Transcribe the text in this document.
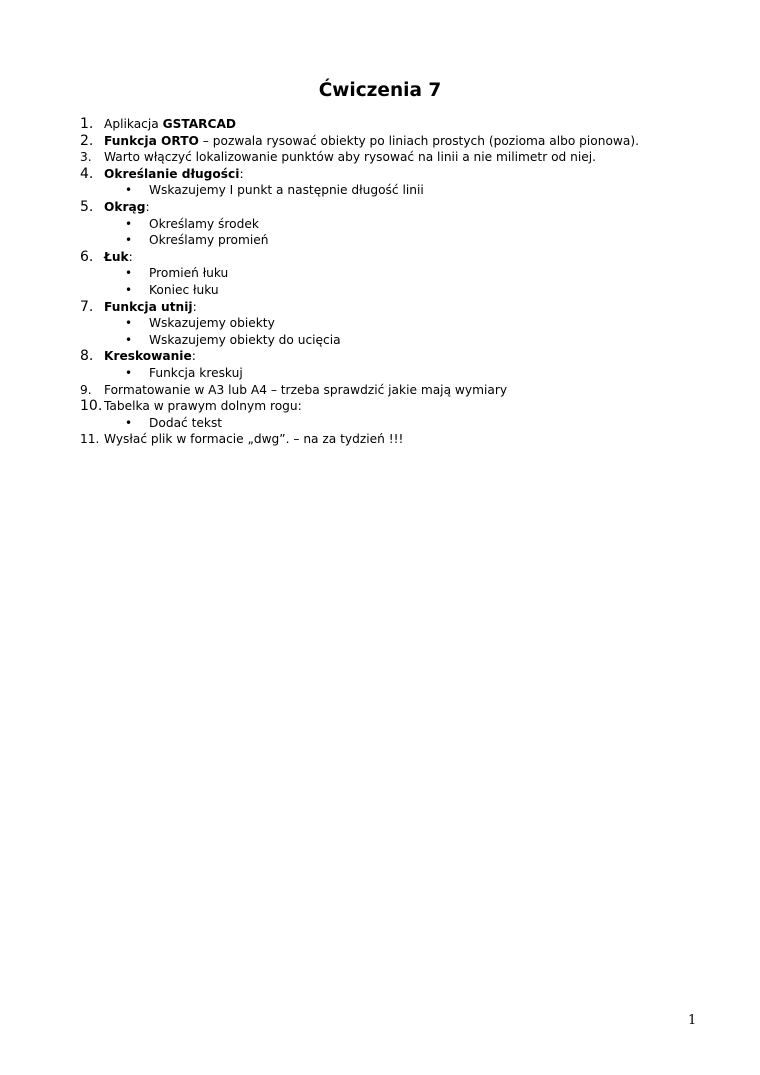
Ćwiczenia 7
1. Aplikacja GSTARCAD
2. Funkcja ORTO – pozwala rysować obiekty po liniach prostych (pozioma albo pionowa).
3. Warto włączyć lokalizowanie punktów aby rysować na linii a nie milimetr od niej.
4. Określanie długości:
• Wskazujemy I punkt a następnie długość linii
5. Okrąg:
• Określamy środek
• Określamy promień
6. Łuk:
• Promień łuku
• Koniec łuku
7. Funkcja utnij:
• Wskazujemy obiekty
• Wskazujemy obiekty do ucięcia
8. Kreskowanie:
• Funkcja kreskuj
9. Formatowanie w A3 lub A4 – trzeba sprawdzić jakie mają wymiary
10. Tabelka w prawym dolnym rogu:
• Dodać tekst
11. Wysłać plik w formacie „dwg”. – na za tydzień !!!
1
